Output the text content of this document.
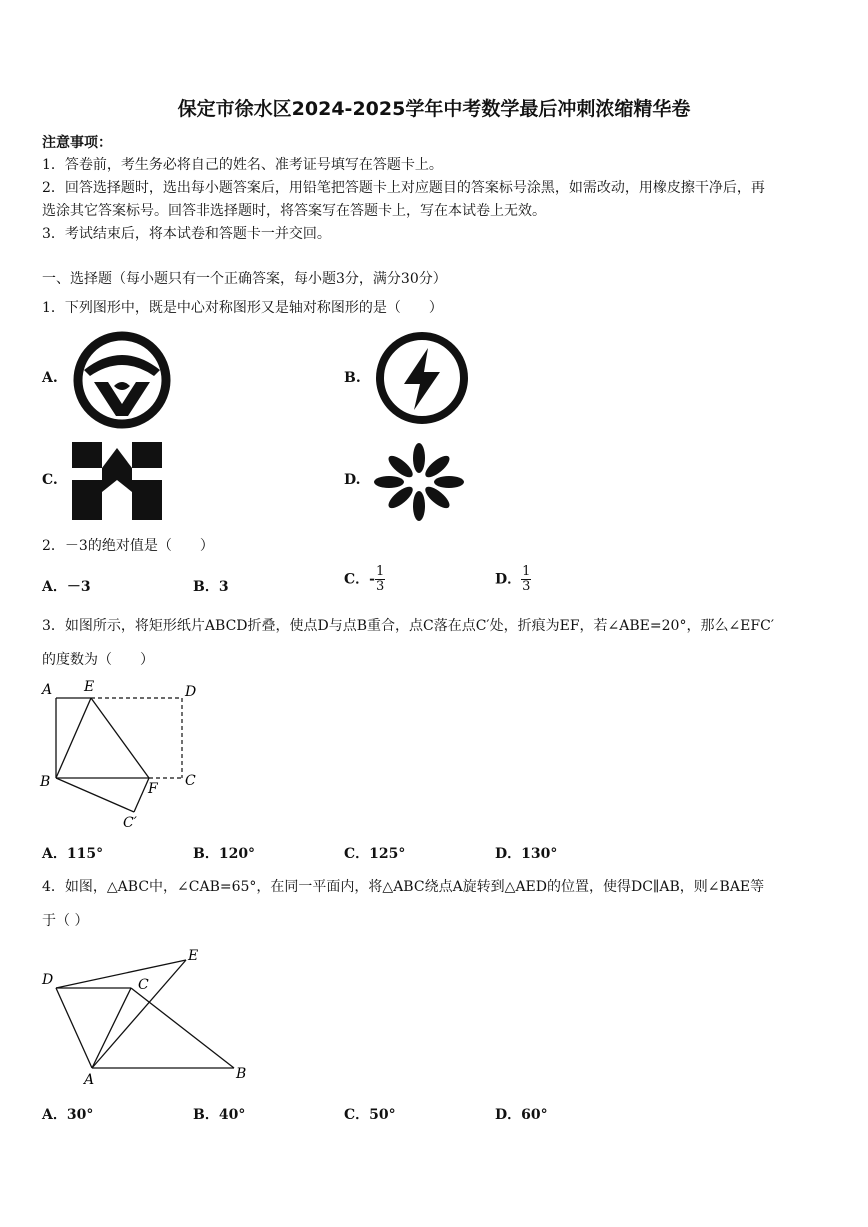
保定市徐水区2024-2025学年中考数学最后冲刺浓缩精华卷
注意事项：
1．答卷前，考生务必将自己的姓名、准考证号填写在答题卡上。
2．回答选择题时，选出每小题答案后，用铅笔把答题卡上对应题目的答案标号涂黑，如需改动，用橡皮擦干净后，再
选涂其它答案标号。回答非选择题时，将答案写在答题卡上，写在本试卷上无效。
3．考试结束后，将本试卷和答题卡一并交回。
一、选择题（每小题只有一个正确答案，每小题3分，满分30分）
1．下列图形中，既是中心对称图形又是轴对称图形的是（　　）
A.	B.
C.	D.
2．－3的绝对值是（　　）
A．－3	B．3	C．- $\frac{1}{3}$	D． $\frac{1}{3}$
3．如图所示，将矩形纸片ABCD折叠，使点D与点B重合，点C落在点C′处，折痕为EF，若∠ABE=20°，那么∠EFC′
的度数为（　　）
A E	D
B	F C
C′
A．115°	B．120°	C．125°	D．130°
4．如图，△ABC中，∠CAB=65°，在同一平面内，将△ABC绕点A旋转到△AED的位置，使得DC∥AB，则∠BAE等
于（ ）
D	C
E
A	B
A．30°	B．40°	C．50°	D．60°
